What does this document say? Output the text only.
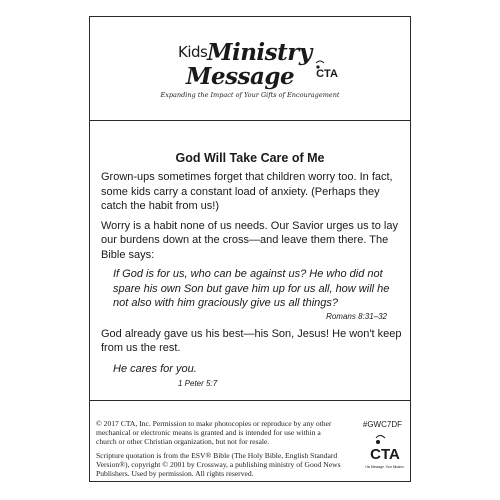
Kids Ministry
Message CTA
Expanding the Impact of Your Gifts of Encouragement
God Will Take Care of Me

Grown-ups sometimes forget that children worry too. In fact, some kids carry a constant load of anxiety. (Perhaps they catch the habit from us!)

Worry is a habit none of us needs. Our Savior urges us to lay our burdens down at the cross—and leave them there. The Bible says:

If God is for us, who can be against us? He who did not spare his own Son but gave him up for us all, how will he not also with him graciously give us all things?

Romans 8:31–32

God already gave us his best—his Son, Jesus! He won't keep from us the rest.

He cares for you.

1 Peter 5:7

© 2017 CTA, Inc. Permission to make photocopies or reproduce by any other mechanical or electronic means is granted and is intended for use within a church or other Christian organization, but not for resale.

Scripture quotation is from the ESV® Bible (The Holy Bible, English Standard Version®), copyright © 2001 by Crossway, a publishing ministry of Good News Publishers. Used by permission. All rights reserved.

#GWC7DF
CTA
His Message. Your Mission.
